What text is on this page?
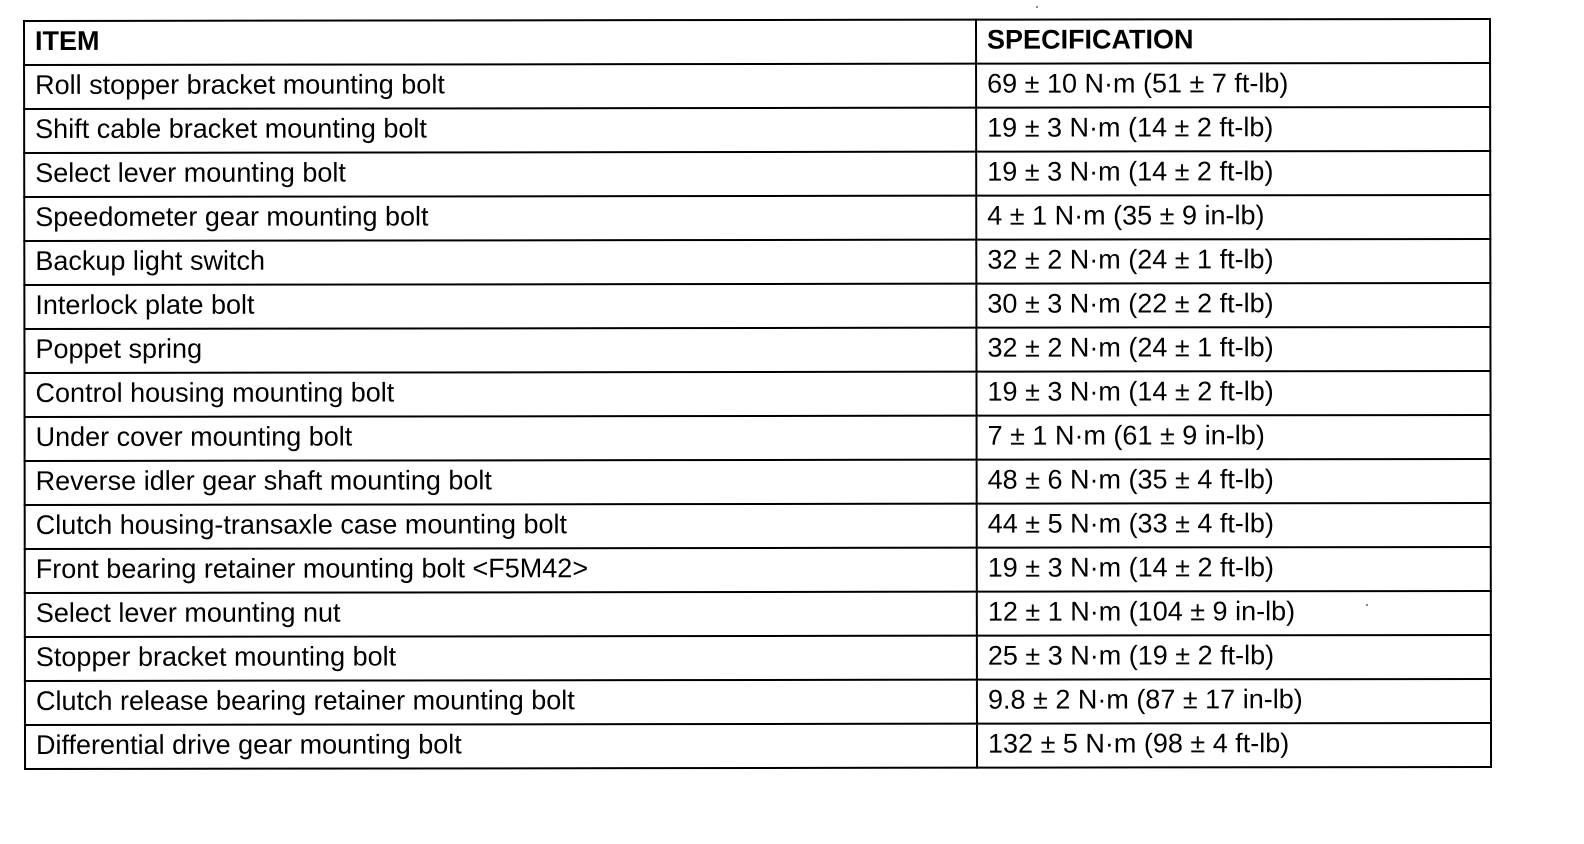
ITEM	SPECIFICATION
Roll stopper bracket mounting bolt	69 ± 10 N·m (51 ± 7 ft-lb)
Shift cable bracket mounting bolt	19 ± 3 N·m (14 ± 2 ft-lb)
Select lever mounting bolt	19 ± 3 N·m (14 ± 2 ft-lb)
Speedometer gear mounting bolt	4 ± 1 N·m (35 ± 9 in-lb)
Backup light switch	32 ± 2 N·m (24 ± 1 ft-lb)
Interlock plate bolt	30 ± 3 N·m (22 ± 2 ft-lb)
Poppet spring	32 ± 2 N·m (24 ± 1 ft-lb)
Control housing mounting bolt	19 ± 3 N·m (14 ± 2 ft-lb)
Under cover mounting bolt	7 ± 1 N·m (61 ± 9 in-lb)
Reverse idler gear shaft mounting bolt	48 ± 6 N·m (35 ± 4 ft-lb)
Clutch housing-transaxle case mounting bolt	44 ± 5 N·m (33 ± 4 ft-lb)
Front bearing retainer mounting bolt <F5M42>	19 ± 3 N·m (14 ± 2 ft-lb)
Select lever mounting nut	12 ± 1 N·m (104 ± 9 in-lb)
Stopper bracket mounting bolt	25 ± 3 N·m (19 ± 2 ft-lb)
Clutch release bearing retainer mounting bolt	9.8 ± 2 N·m (87 ± 17 in-lb)
Differential drive gear mounting bolt	132 ± 5 N·m (98 ± 4 ft-lb)
